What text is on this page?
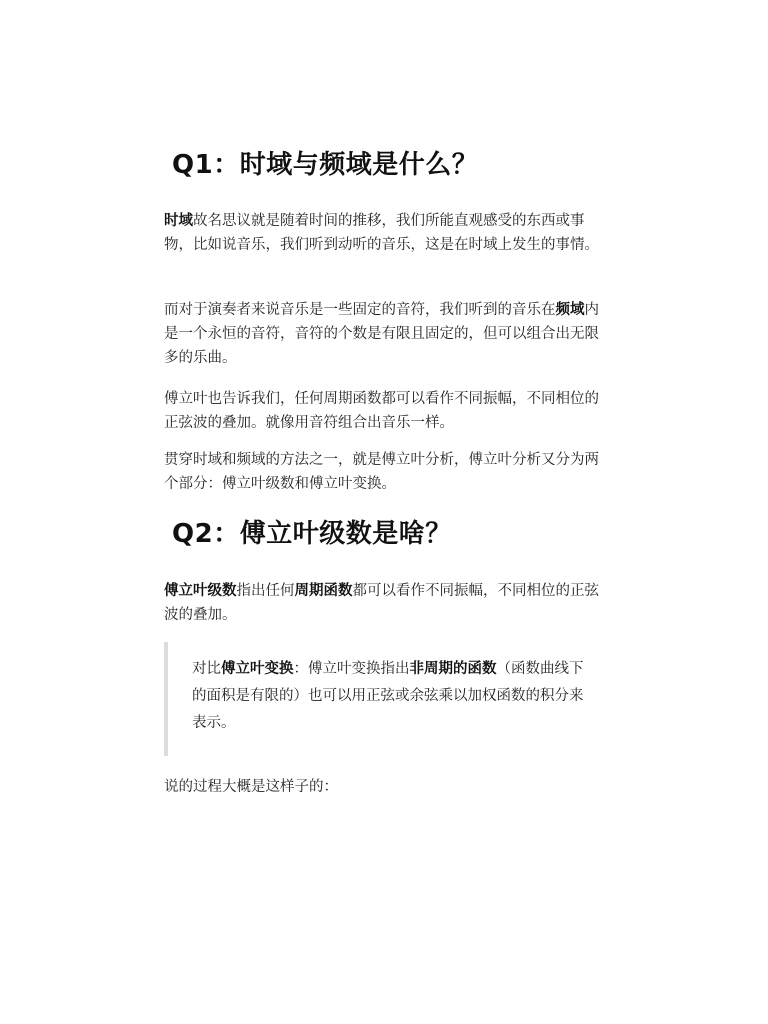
Q1：时域与频域是什么？

时域故名思议就是随着时间的推移，我们所能直观感受的东西或事物，比如说音乐，我们听到动听的音乐，这是在时域上发生的事情。

而对于演奏者来说音乐是一些固定的音符，我们听到的音乐在频域内是一个永恒的音符，音符的个数是有限且固定的，但可以组合出无限多的乐曲。

傅立叶也告诉我们，任何周期函数都可以看作不同振幅，不同相位的正弦波的叠加。就像用音符组合出音乐一样。

贯穿时域和频域的方法之一，就是傅立叶分析，傅立叶分析又分为两个部分：傅立叶级数和傅立叶变换。

Q2：傅立叶级数是啥？

傅立叶级数指出任何周期函数都可以看作不同振幅，不同相位的正弦波的叠加。

对比傅立叶变换：傅立叶变换指出非周期的函数（函数曲线下的面积是有限的）也可以用正弦或余弦乘以加权函数的积分来表示。

说的过程大概是这样子的：
